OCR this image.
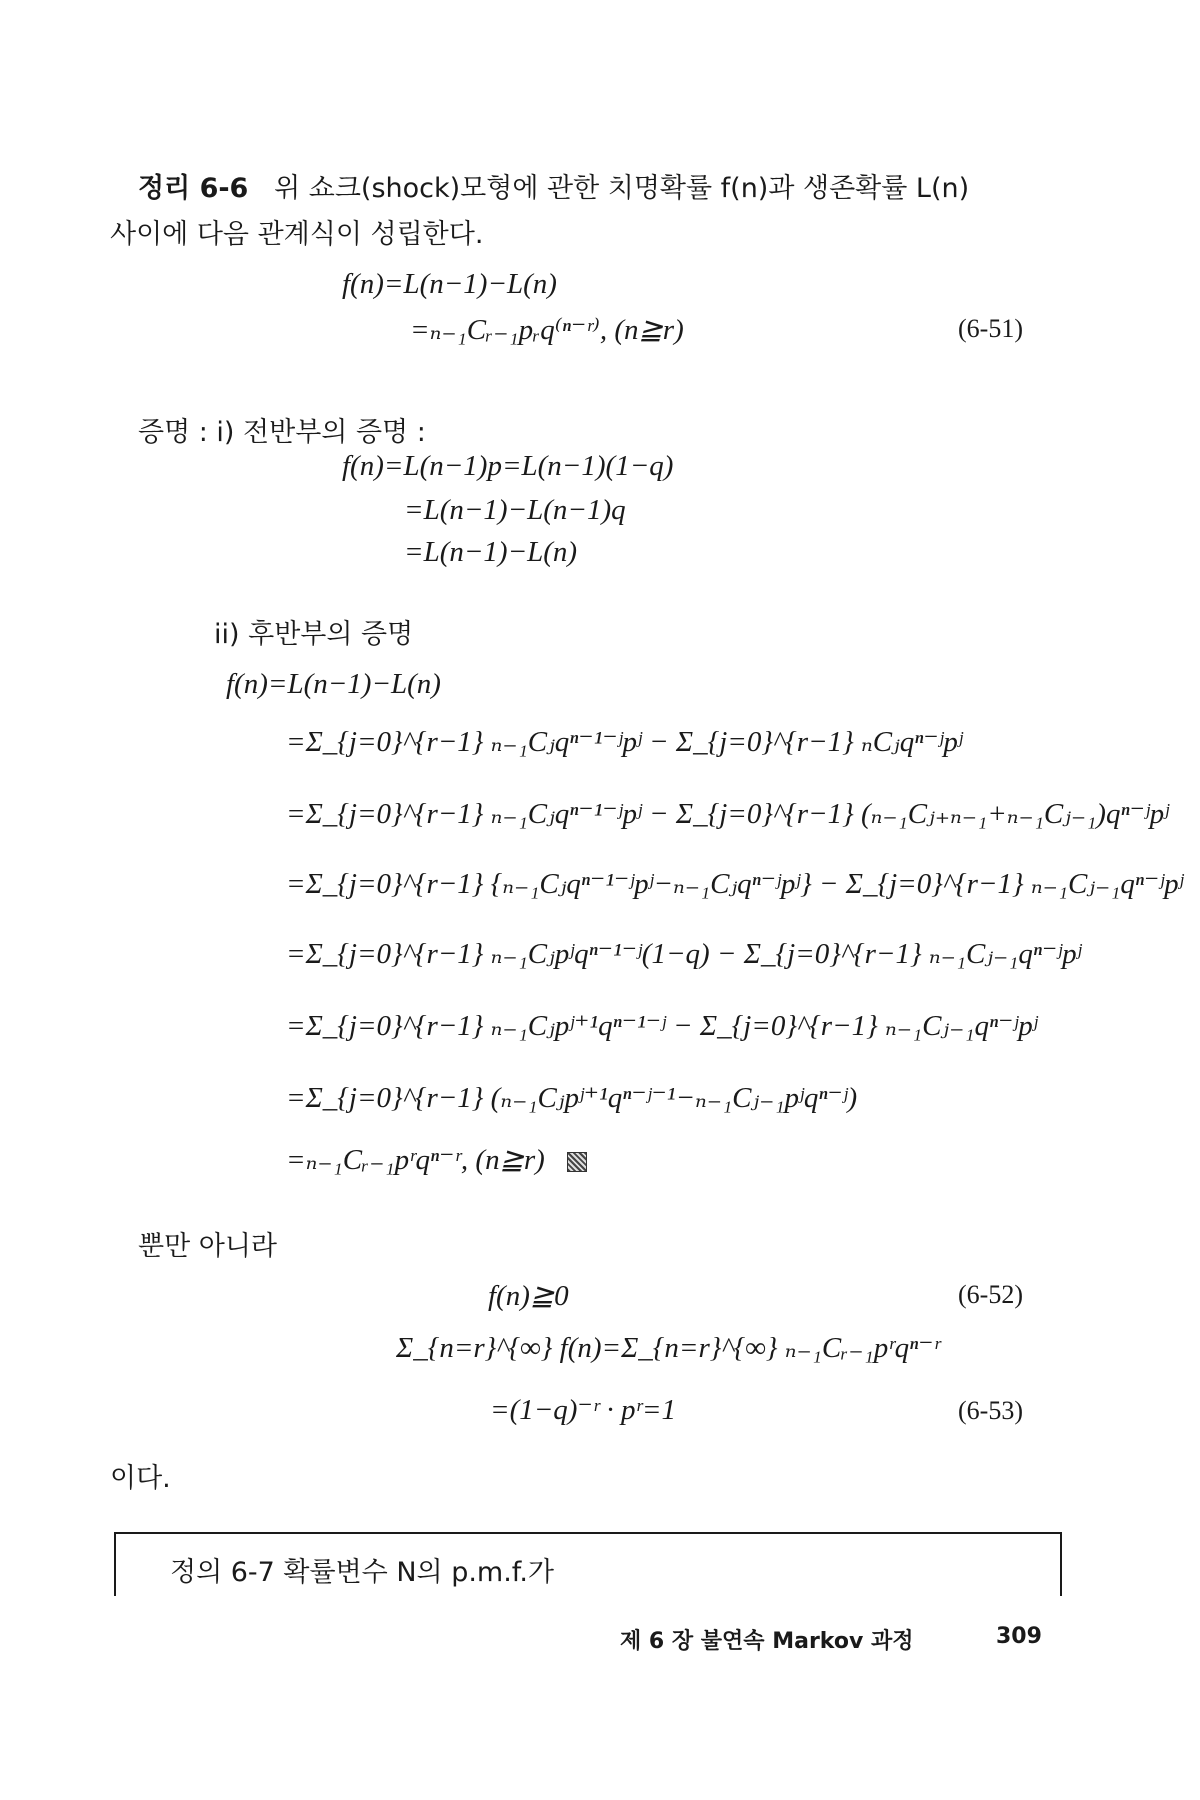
정리 6-6 위 쇼크(shock)모형에 관한 치명확률 f(n)과 생존확률 L(n)
사이에 다음 관계식이 성립한다.
f(n)=L(n−1)−L(n)
=ₙ₋₁Cᵣ₋₁pᵣq⁽ⁿ⁻ʳ⁾, (n≧r)	(6-51)
증명 : i) 전반부의 증명 :
f(n)=L(n−1)p=L(n−1)(1−q)
=L(n−1)−L(n−1)q
=L(n−1)−L(n)
ii) 후반부의 증명
f(n)=L(n−1)−L(n)
=Σ_{j=0}^{r−1} ₙ₋₁Cⱼqⁿ⁻¹⁻ʲpʲ − Σ_{j=0}^{r−1} ₙCⱼqⁿ⁻ʲpʲ
=Σ_{j=0}^{r−1} ₙ₋₁Cⱼqⁿ⁻¹⁻ʲpʲ − Σ_{j=0}^{r−1} (ₙ₋₁Cⱼ₊ₙ₋₁+ₙ₋₁Cⱼ₋₁)qⁿ⁻ʲpʲ
=Σ_{j=0}^{r−1} {ₙ₋₁Cⱼqⁿ⁻¹⁻ʲpʲ−ₙ₋₁Cⱼqⁿ⁻ʲpʲ} − Σ_{j=0}^{r−1} ₙ₋₁Cⱼ₋₁qⁿ⁻ʲpʲ
=Σ_{j=0}^{r−1} ₙ₋₁Cⱼpʲqⁿ⁻¹⁻ʲ(1−q) − Σ_{j=0}^{r−1} ₙ₋₁Cⱼ₋₁qⁿ⁻ʲpʲ
=Σ_{j=0}^{r−1} ₙ₋₁Cⱼpʲ⁺¹qⁿ⁻¹⁻ʲ − Σ_{j=0}^{r−1} ₙ₋₁Cⱼ₋₁qⁿ⁻ʲpʲ
=Σ_{j=0}^{r−1} (ₙ₋₁Cⱼpʲ⁺¹qⁿ⁻ʲ⁻¹−ₙ₋₁Cⱼ₋₁pʲqⁿ⁻ʲ)
=ₙ₋₁Cᵣ₋₁pʳqⁿ⁻ʳ, (n≧r)
뿐만 아니라
f(n)≧0	(6-52)
Σ_{n=r}^{∞} f(n)=Σ_{n=r}^{∞} ₙ₋₁Cᵣ₋₁pʳqⁿ⁻ʳ
=(1−q)⁻ʳ · pʳ=1	(6-53)
이다.
정의 6-7 확률변수 N의 p.m.f.가
제 6 장 불연속 Markov 과정	309
